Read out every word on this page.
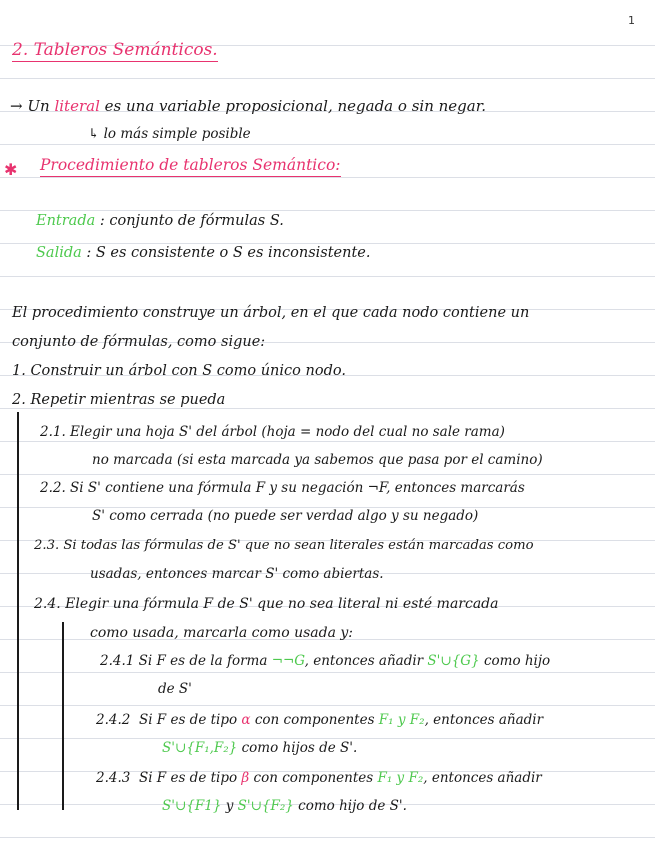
1
2. Tableros Semánticos.
→ Un literal es una variable proposicional, negada o sin negar.
↳ lo más simple posible
✱ Procedimiento de tableros Semántico:
Entrada : conjunto de fórmulas S.
Salida : S es consistente o S es inconsistente.
El procedimiento construye un árbol, en el que cada nodo contiene un
conjunto de fórmulas, como sigue:
1. Construir un árbol con S como único nodo.
2. Repetir mientras se pueda
2.1. Elegir una hoja S' del árbol (hoja = nodo del cual no sale rama)
no marcada (si esta marcada ya sabemos que pasa por el camino)
2.2. Si S' contiene una fórmula F y su negación ¬F, entonces marcarás
S' como cerrada (no puede ser verdad algo y su negado)
2.3. Si todas las fórmulas de S' que no sean literales están marcadas como
usadas, entonces marcar S' como abiertas.
2.4. Elegir una fórmula F de S' que no sea literal ni esté marcada
como usada, marcarla como usada y:
2.4.1 Si F es de la forma ¬¬G, entonces añadir S'∪{G} como hijo
de S'
2.4.2 Si F es de tipo α con componentes F₁ y F₂, entonces añadir
S'∪{F₁,F₂} como hijos de S'.
2.4.3 Si F es de tipo β con componentes F₁ y F₂, entonces añadir
S'∪{F1} y S'∪{F₂} como hijo de S'.
